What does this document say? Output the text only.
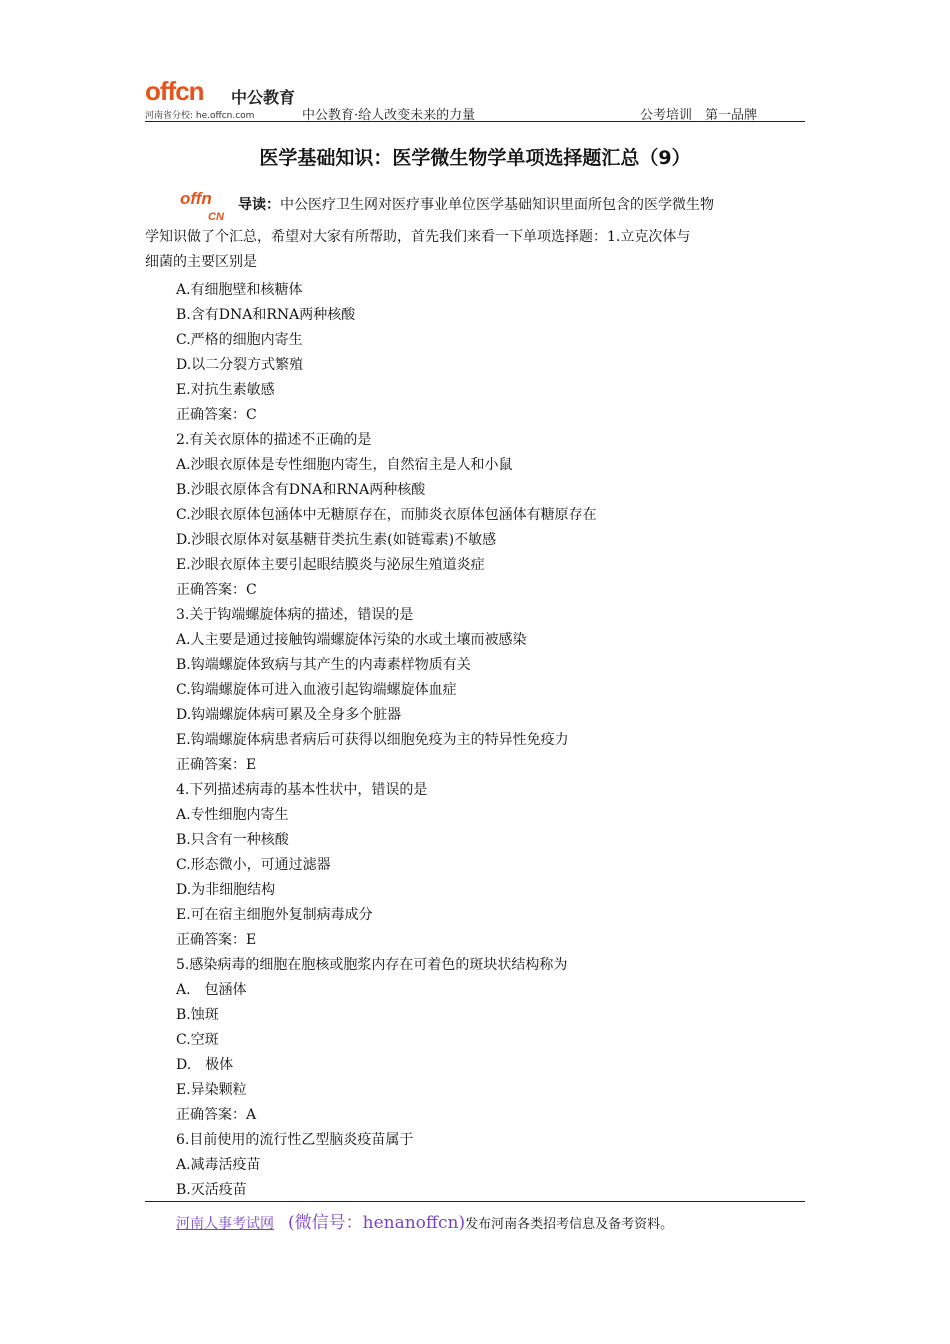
offcn 中公教育
河南省分校: he.offcn.com	中公教育·给人改变未来的力量	公考培训　第一品牌
医学基础知识：医学微生物学单项选择题汇总（9）
offn
CN
导读：中公医疗卫生网对医疗事业单位医学基础知识里面所包含的医学微生物
学知识做了个汇总，希望对大家有所帮助，首先我们来看一下单项选择题：1.立克次体与
细菌的主要区别是
A.有细胞壁和核糖体
B.含有DNA和RNA两种核酸
C.严格的细胞内寄生
D.以二分裂方式繁殖
E.对抗生素敏感
正确答案：C
2.有关衣原体的描述不正确的是
A.沙眼衣原体是专性细胞内寄生，自然宿主是人和小鼠
B.沙眼衣原体含有DNA和RNA两种核酸
C.沙眼衣原体包涵体中无糖原存在，而肺炎衣原体包涵体有糖原存在
D.沙眼衣原体对氨基糖苷类抗生素(如链霉素)不敏感
E.沙眼衣原体主要引起眼结膜炎与泌尿生殖道炎症
正确答案：C
3.关于钩端螺旋体病的描述，错误的是
A.人主要是通过接触钩端螺旋体污染的水或土壤而被感染
B.钩端螺旋体致病与其产生的内毒素样物质有关
C.钩端螺旋体可进入血液引起钩端螺旋体血症
D.钩端螺旋体病可累及全身多个脏器
E.钩端螺旋体病患者病后可获得以细胞免疫为主的特异性免疫力
正确答案：E
4.下列描述病毒的基本性状中，错误的是
A.专性细胞内寄生
B.只含有一种核酸
C.形态微小，可通过滤器
D.为非细胞结构
E.可在宿主细胞外复制病毒成分
正确答案：E
5.感染病毒的细胞在胞核或胞浆内存在可着色的斑块状结构称为
A.　包涵体
B.蚀斑
C.空斑
D.　极体
E.异染颗粒
正确答案：A
6.目前使用的流行性乙型脑炎疫苗属于
A.减毒活疫苗
B.灭活疫苗
河南人事考试网 (微信号：henanoffcn)发布河南各类招考信息及备考资料。
